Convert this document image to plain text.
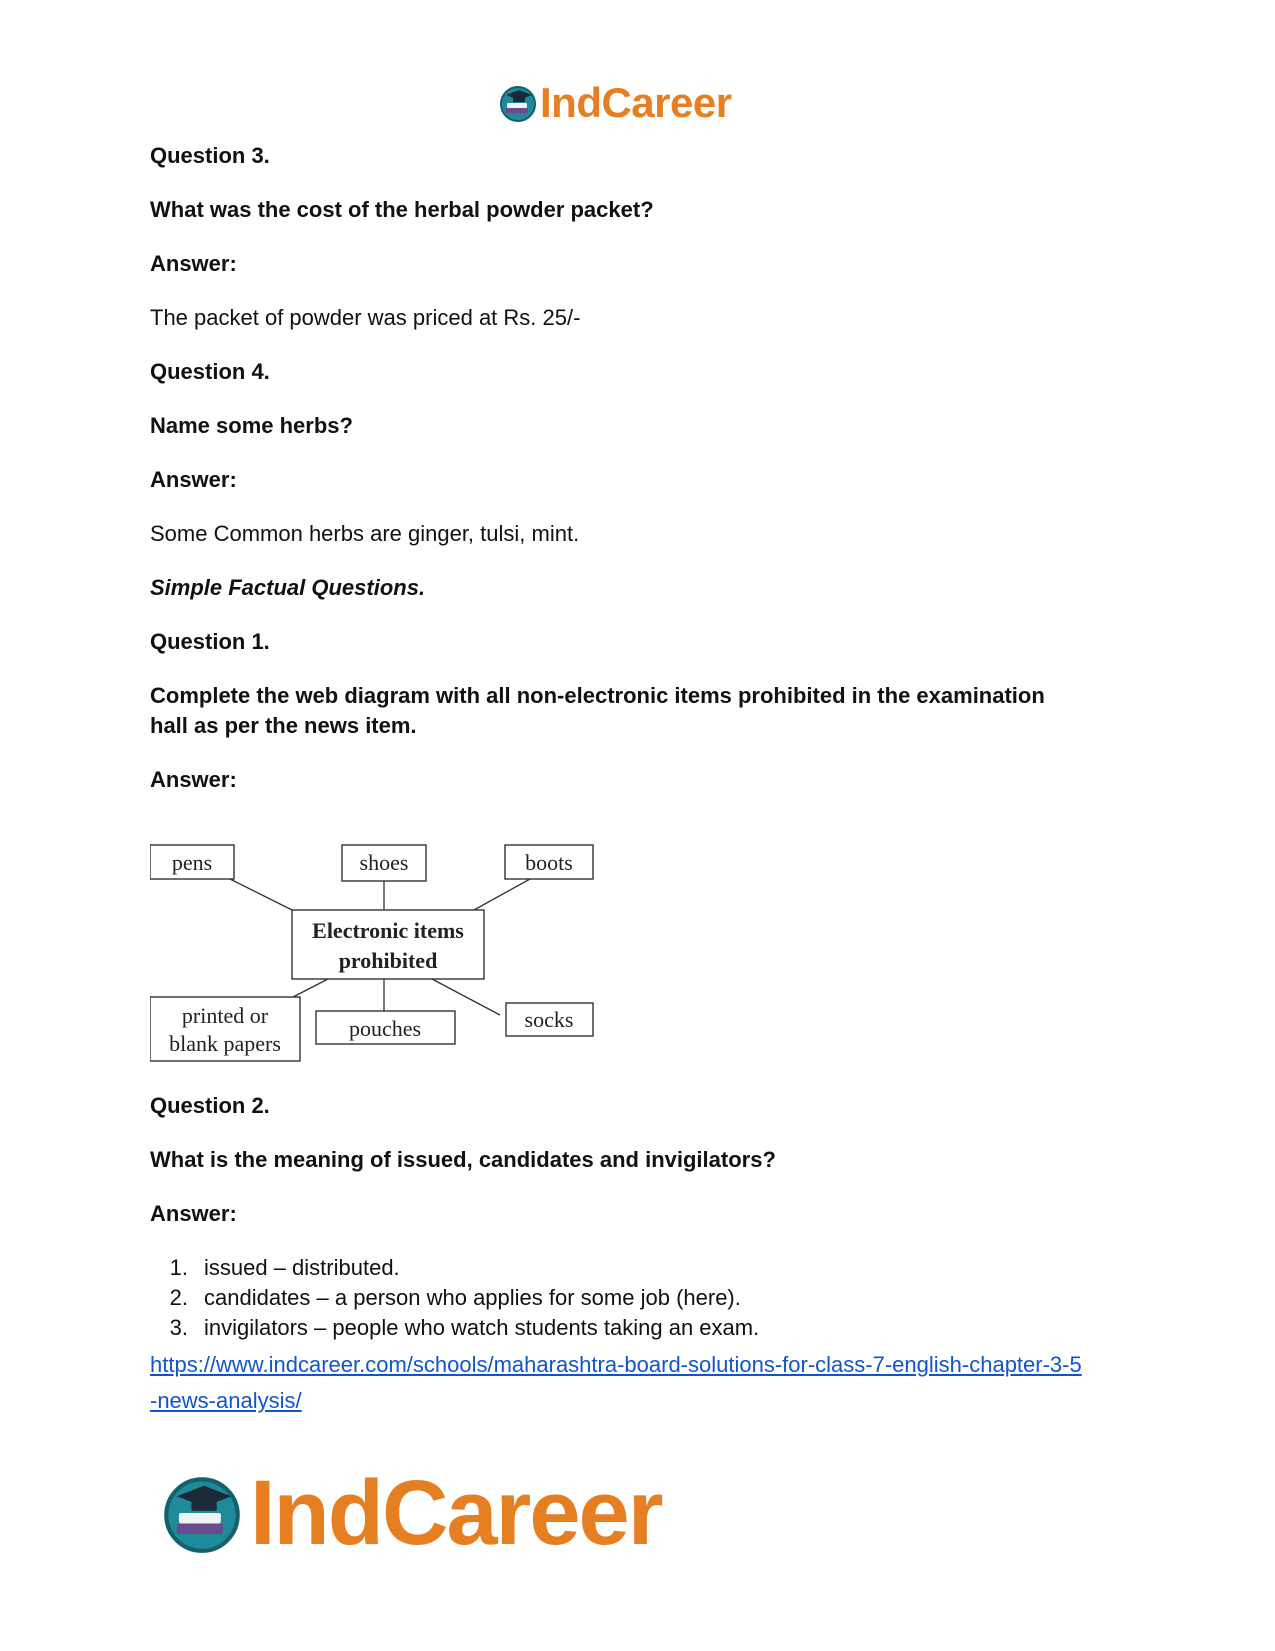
IndCareer
Question 3.
What was the cost of the herbal powder packet?
Answer:
The packet of powder was priced at Rs. 25/-
Question 4.
Name some herbs?
Answer:
Some Common herbs are ginger, tulsi, mint.
Simple Factual Questions.
Question 1.
Complete the web diagram with all non-electronic items prohibited in the examination
hall as per the news item.
Answer:
Question 2.
What is the meaning of issued, candidates and invigilators?
Answer:
1. issued – distributed.
2. candidates – a person who applies for some job (here).
3. invigilators – people who watch students taking an exam.
https://www.indcareer.com/schools/maharashtra-board-solutions-for-class-7-english-chapter-3-5
-news-analysis/
pens	shoes	boots
Electronic items
prohibited
printed or
blank papers
pouches	socks
IndCareer
